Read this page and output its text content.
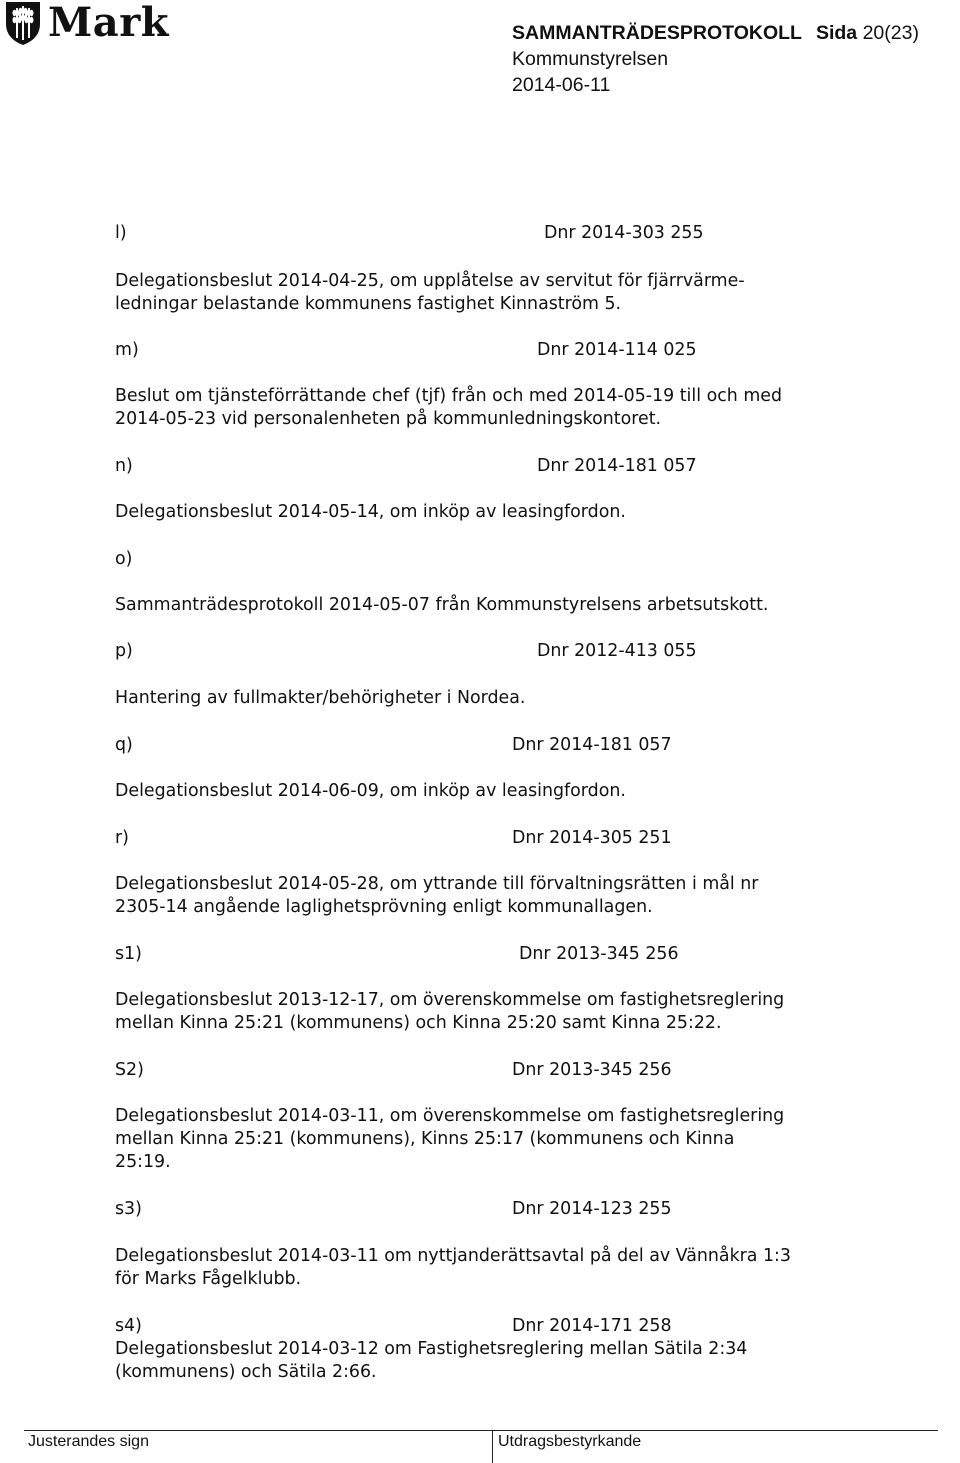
Mark	SAMMANTRÄDESPROTOKOLL Sida 20(23)
Kommunstyrelsen
2014-06-11
l)	Dnr 2014-303 255
Delegationsbeslut 2014-04-25, om upplåtelse av servitut för fjärrvärme-
ledningar belastande kommunens fastighet Kinnaström 5.
m)	Dnr 2014-114 025
Beslut om tjänsteförrättande chef (tjf) från och med 2014-05-19 till och med
2014-05-23 vid personalenheten på kommunledningskontoret.
n)	Dnr 2014-181 057
Delegationsbeslut 2014-05-14, om inköp av leasingfordon.
o)
Sammanträdesprotokoll 2014-05-07 från Kommunstyrelsens arbetsutskott.
p)	Dnr 2012-413 055
Hantering av fullmakter/behörigheter i Nordea.
q)	Dnr 2014-181 057
Delegationsbeslut 2014-06-09, om inköp av leasingfordon.
r)	Dnr 2014-305 251
Delegationsbeslut 2014-05-28, om yttrande till förvaltningsrätten i mål nr
2305-14 angående laglighetsprövning enligt kommunallagen.
s1)	Dnr 2013-345 256
Delegationsbeslut 2013-12-17, om överenskommelse om fastighetsreglering
mellan Kinna 25:21 (kommunens) och Kinna 25:20 samt Kinna 25:22.
S2)	Dnr 2013-345 256
Delegationsbeslut 2014-03-11, om överenskommelse om fastighetsreglering
mellan Kinna 25:21 (kommunens), Kinns 25:17 (kommunens och Kinna
25:19.
s3)	Dnr 2014-123 255
Delegationsbeslut 2014-03-11 om nyttjanderättsavtal på del av Vännåkra 1:3
för Marks Fågelklubb.
s4)	Dnr 2014-171 258
Delegationsbeslut 2014-03-12 om Fastighetsreglering mellan Sätila 2:34
(kommunens) och Sätila 2:66.
Justerandes sign	Utdragsbestyrkande
